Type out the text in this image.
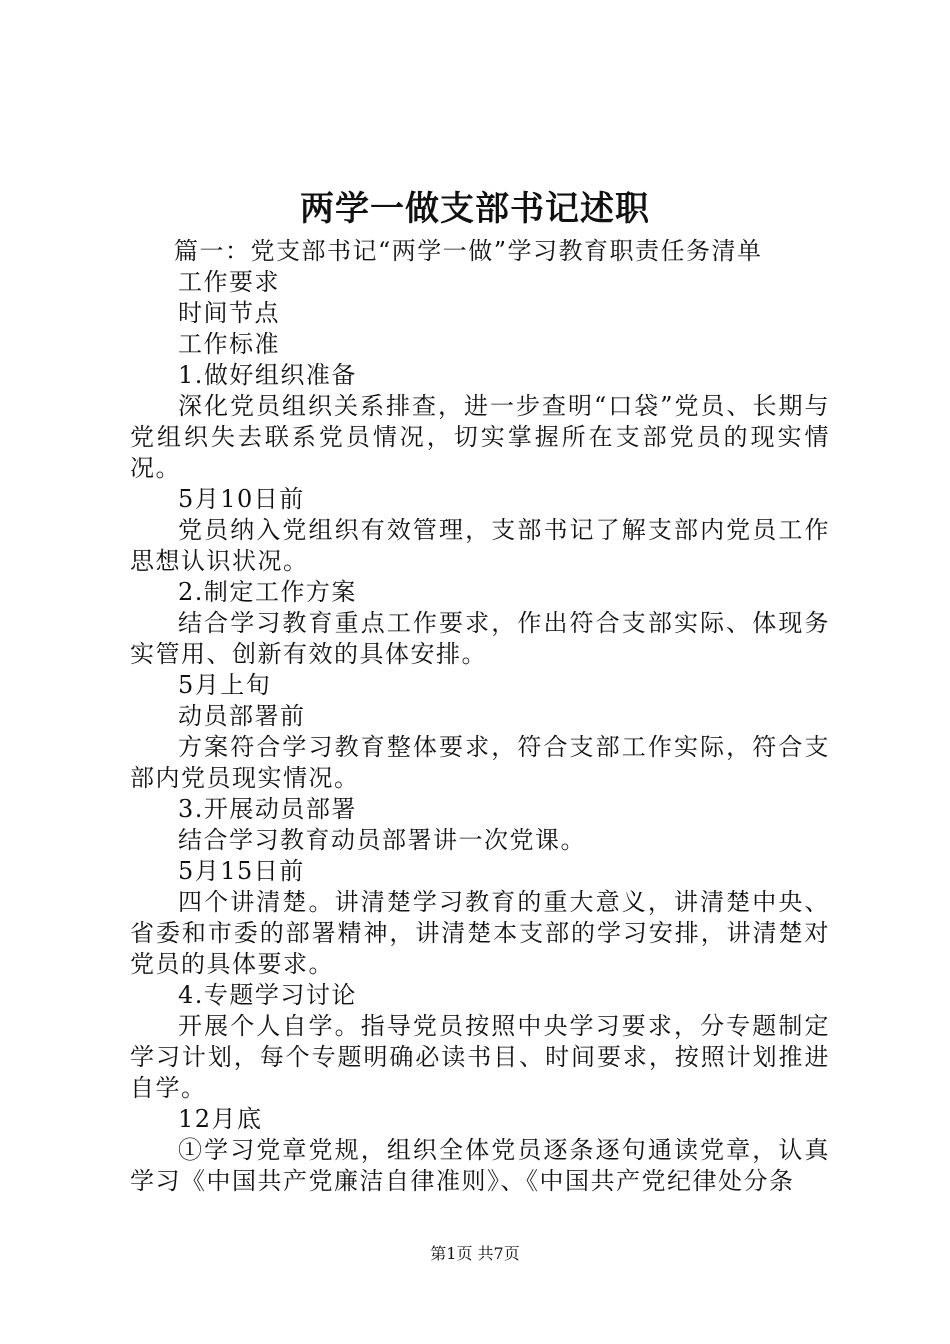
两学一做支部书记述职

篇一：党支部书记“两学一做”学习教育职责任务清单

工作要求

时间节点

工作标准

1.做好组织准备

深化党员组织关系排查，进一步查明“口袋”党员、长期与党组织失去联系党员情况，切实掌握所在支部党员的现实情况。

5月10日前

党员纳入党组织有效管理，支部书记了解支部内党员工作思想认识状况。

2.制定工作方案

结合学习教育重点工作要求，作出符合支部实际、体现务实管用、创新有效的具体安排。

5月上旬

动员部署前

方案符合学习教育整体要求，符合支部工作实际，符合支部内党员现实情况。

3.开展动员部署

结合学习教育动员部署讲一次党课。

5月15日前

四个讲清楚。讲清楚学习教育的重大意义，讲清楚中央、省委和市委的部署精神，讲清楚本支部的学习安排，讲清楚对党员的具体要求。

4.专题学习讨论

开展个人自学。指导党员按照中央学习要求，分专题制定学习计划，每个专题明确必读书目、时间要求，按照计划推进自学。

12月底

①学习党章党规，组织全体党员逐条逐句通读党章，认真学习《中国共产党廉洁自律准则》、《中国共产党纪律处分条

第1页 共7页
